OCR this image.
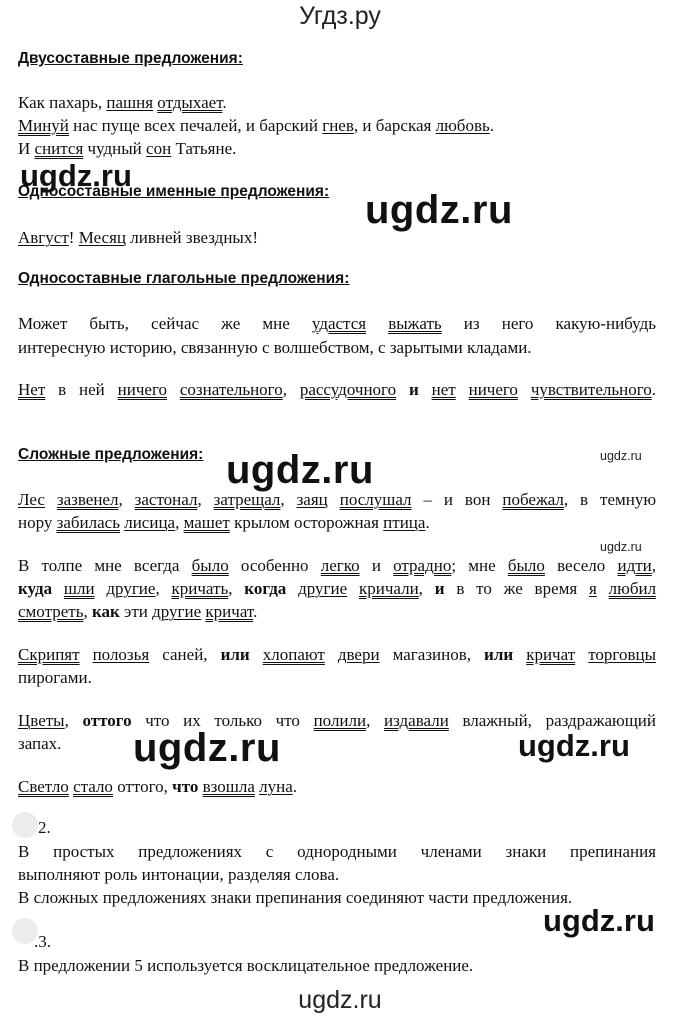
Угдз.ру
Двусоставные предложения:
Как пахарь, пашня отдыхает.
Минуй нас пуще всех печалей, и барский гнев, и барская любовь.
И снится чудный сон Татьяне.
ugdz.ru
Односоставные именные предложения: ugdz.ru
Август! Месяц ливней звездных!
Односоставные глагольные предложения:
Может быть, сейчас же мне удастся выжать из него какую-нибудь
интересную историю, связанную с волшебством, с зарытыми кладами.
Нет в ней ничего сознательного, рассудочного и нет ничего чувствительного.
Сложные предложения: ugdz.ru	ugdz.ru
Лес зазвенел, застонал, затрещал, заяц послушал – и вон побежал, в темную
нору забилась лисица, машет крылом осторожная птица.
ugdz.ru
В толпе мне всегда было особенно легко и отрадно; мне было весело идти,
куда шли другие, кричать, когда другие кричали, и в то же время я любил
смотреть, как эти другие кричат.
Скрипят полозья саней, или хлопают двери магазинов, или кричат торговцы
пирогами.
Цветы, оттого что их только что полили, издавали влажный, раздражающий
запах. ugdz.ru	ugdz.ru
Светло стало оттого, что взошла луна.
2.
В простых предложениях с однородными членами знаки препинания
выполняют роль интонации, разделяя слова.
В сложных предложениях знаки препинания соединяют части предложения.
ugdz.ru
.3.
В предложении 5 используется восклицательное предложение.
ugdz.ru
